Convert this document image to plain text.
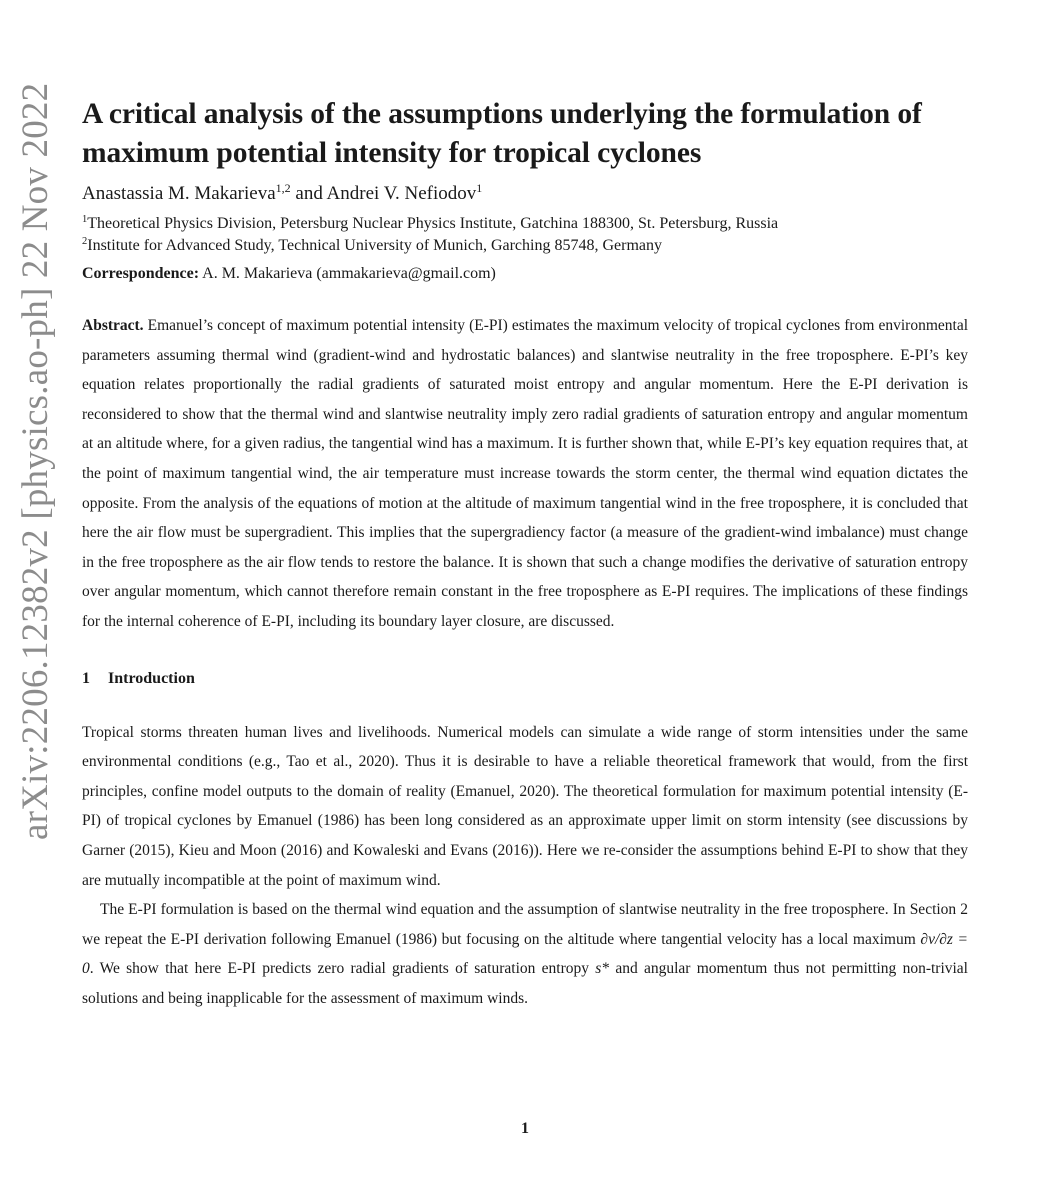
arXiv:2206.12382v2 [physics.ao-ph] 22 Nov 2022 A critical analysis of the assumptions underlying the formulation of maximum potential intensity for tropical cyclones
Anastassia M. Makarieva$^{1,2}$ and Andrei V. Nefiodov$^1$
$^1$Theoretical Physics Division, Petersburg Nuclear Physics Institute, Gatchina 188300, St. Petersburg, Russia
$^2$Institute for Advanced Study, Technical University of Munich, Garching 85748, Germany
Correspondence: A. M. Makarieva (ammakarieva@gmail.com)
Abstract. Emanuel’s concept of maximum potential intensity (E-PI) estimates the maximum velocity of tropical cyclones from environmental parameters assuming thermal wind (gradient-wind and hydrostatic balances) and slantwise neutrality in the free troposphere. E-PI’s key equation relates proportionally the radial gradients of saturated moist entropy and angular momentum. Here the E-PI derivation is reconsidered to show that the thermal wind and slantwise neutrality imply zero radial gradients of saturation entropy and angular momentum at an altitude where, for a given radius, the tangential wind has a maximum. It is further shown that, while E-PI’s key equation requires that, at the point of maximum tangential wind, the air temperature must increase towards the storm center, the thermal wind equation dictates the opposite. From the analysis of the equations of motion at the altitude of maximum tangential wind in the free troposphere, it is concluded that here the air flow must be supergradient. This implies that the supergradiency factor (a measure of the gradient-wind imbalance) must change in the free troposphere as the air flow tends to restore the balance. It is shown that such a change modifies the derivative of saturation entropy over angular momentum, which cannot therefore remain constant in the free troposphere as E-PI requires. The implications of these findings for the internal coherence of E-PI, including its boundary layer closure, are discussed.
1 Introduction

Tropical storms threaten human lives and livelihoods. Numerical models can simulate a wide range of storm intensities under the same environmental conditions (e.g., Tao et al., 2020). Thus it is desirable to have a reliable theoretical framework that would, from the first principles, confine model outputs to the domain of reality (Emanuel, 2020). The theoretical formulation for maximum potential intensity (E-PI) of tropical cyclones by Emanuel (1986) has been long considered as an approximate upper limit on storm intensity (see discussions by Garner (2015), Kieu and Moon (2016) and Kowaleski and Evans (2016)). Here we re-consider the assumptions behind E-PI to show that they are mutually incompatible at the point of maximum wind.

The E-PI formulation is based on the thermal wind equation and the assumption of slantwise neutrality in the free troposphere. In Section 2 we repeat the E-PI derivation following Emanuel (1986) but focusing on the altitude where tangential velocity has a local maximum ∂v/∂z = 0. We show that here E-PI predicts zero radial gradients of saturation entropy s* and angular momentum thus not permitting non-trivial solutions and being inapplicable for the assessment of maximum winds.

1
